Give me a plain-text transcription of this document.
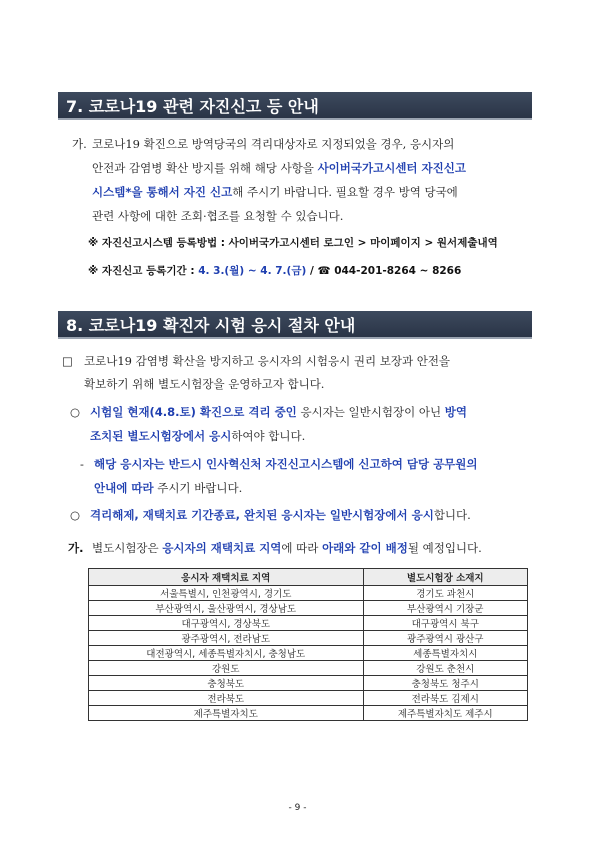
7. 코로나19 관련 자진신고 등 안내
가. 코로나19 확진으로 방역당국의 격리대상자로 지정되었을 경우, 응시자의
안전과 감염병 확산 방지를 위해 해당 사항을 사이버국가고시센터 자진신고
시스템*을 통해서 자진 신고해 주시기 바랍니다. 필요할 경우 방역 당국에
관련 사항에 대한 조회·협조를 요청할 수 있습니다.
※ 자진신고시스템 등록방법 : 사이버국가고시센터 로그인 > 마이페이지 > 원서제출내역
※ 자진신고 등록기간 : 4. 3.(월) ~ 4. 7.(금) / ☎ 044-201-8264 ~ 8266
8. 코로나19 확진자 시험 응시 절차 안내
□ 코로나19 감염병 확산을 방지하고 응시자의 시험응시 권리 보장과 안전을
확보하기 위해 별도시험장을 운영하고자 합니다.
○ 시험일 현재(4.8.토) 확진으로 격리 중인 응시자는 일반시험장이 아닌 방역
조치된 별도시험장에서 응시하여야 합니다.
- 해당 응시자는 반드시 인사혁신처 자진신고시스템에 신고하여 담당 공무원의
안내에 따라 주시기 바랍니다.
○ 격리해제, 재택치료 기간종료, 완치된 응시자는 일반시험장에서 응시합니다.
가. 별도시험장은 응시자의 재택치료 지역에 따라 아래와 같이 배정될 예정입니다.
응시자 재택치료 지역	별도시험장 소재지
서울특별시, 인천광역시, 경기도	경기도 과천시
부산광역시, 울산광역시, 경상남도	부산광역시 기장군
대구광역시, 경상북도	대구광역시 북구
광주광역시, 전라남도	광주광역시 광산구
대전광역시, 세종특별자치시, 충청남도	세종특별자치시
강원도	강원도 춘천시
충청북도	충청북도 청주시
전라북도	전라북도 김제시
제주특별자치도	제주특별자치도 제주시
- 9 -
